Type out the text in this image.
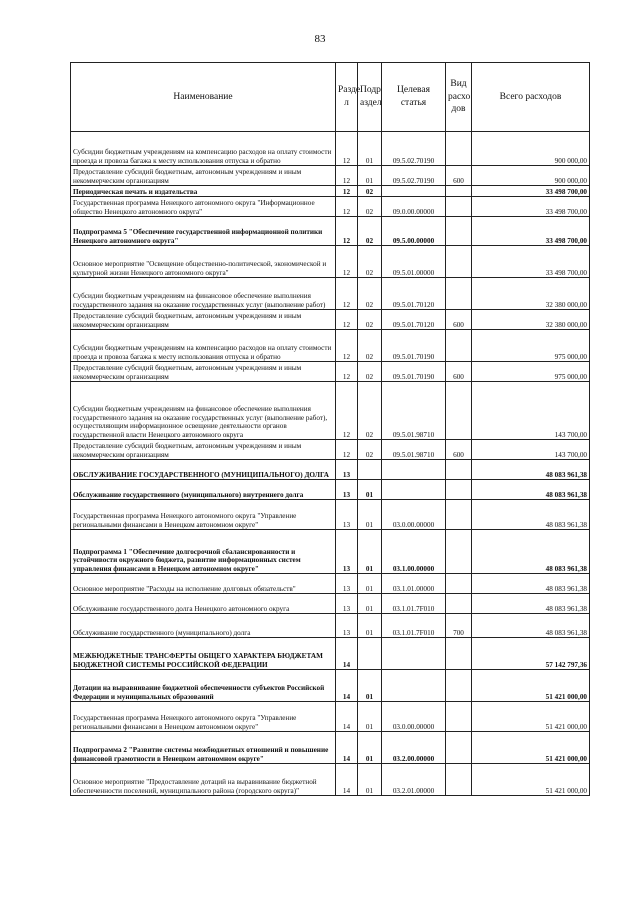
83
Наименование	Разде л	Подр аздел	Целевая статья	Вид расхо дов	Всего расходов
Субсидии бюджетным учреждениям на компенсацию расходов на оплату стоимости проезда и провоза багажа к месту использования отпуска и обратно	12	01	09.5.02.70190		900 000,00
Предоставление субсидий бюджетным, автономным учреждениям и иным некоммерческим организациям	12	01	09.5.02.70190	600	900 000,00
Периодическая печать и издательства	12	02			33 498 700,00
Государственная программа Ненецкого автономного округа "Информационное общество Ненецкого автономного округа"	12	02	09.0.00.00000		33 498 700,00
Подпрограмма 5 "Обеспечение государственной информационной политики Ненецкого автономного округа"	12	02	09.5.00.00000		33 498 700,00
Основное мероприятие "Освещение общественно-политической, экономической и культурной жизни Ненецкого автономного округа"	12	02	09.5.01.00000		33 498 700,00
Субсидии бюджетным учреждениям на финансовое обеспечение выполнения государственного задания на оказание государственных услуг (выполнение работ)	12	02	09.5.01.70120		32 380 000,00
Предоставление субсидий бюджетным, автономным учреждениям и иным некоммерческим организациям	12	02	09.5.01.70120	600	32 380 000,00
Субсидии бюджетным учреждениям на компенсацию расходов на оплату стоимости проезда и провоза багажа к месту использования отпуска и обратно	12	02	09.5.01.70190		975 000,00
Предоставление субсидий бюджетным, автономным учреждениям и иным некоммерческим организациям	12	02	09.5.01.70190	600	975 000,00
Субсидии бюджетным учреждениям на финансовое обеспечение выполнения государственного задания на оказание государственных услуг (выполнение работ), осуществляющим информационное освещение деятельности органов государственной власти Ненецкого автономного округа	12	02	09.5.01.98710		143 700,00
Предоставление субсидий бюджетным, автономным учреждениям и иным некоммерческим организациям	12	02	09.5.01.98710	600	143 700,00
ОБСЛУЖИВАНИЕ ГОСУДАРСТВЕННОГО (МУНИЦИПАЛЬНОГО) ДОЛГА	13				48 083 961,38
Обслуживание государственного (муниципального) внутреннего долга	13	01			48 083 961,38
Государственная программа Ненецкого автономного округа "Управление региональными финансами в Ненецком автономном округе"	13	01	03.0.00.00000		48 083 961,38
Подпрограмма 1 "Обеспечение долгосрочной сбалансированности и устойчивости окружного бюджета, развитие информационных систем управления финансами в Ненецком автономном округе"	13	01	03.1.00.00000		48 083 961,38
Основное мероприятие "Расходы на исполнение долговых обязательств"	13	01	03.1.01.00000		48 083 961,38
Обслуживание государственного долга Ненецкого автономного округа	13	01	03.1.01.7F010		48 083 961,38
Обслуживание государственного (муниципального) долга	13	01	03.1.01.7F010	700	48 083 961,38
МЕЖБЮДЖЕТНЫЕ ТРАНСФЕРТЫ ОБЩЕГО ХАРАКТЕРА БЮДЖЕТАМ БЮДЖЕТНОЙ СИСТЕМЫ РОССИЙСКОЙ ФЕДЕРАЦИИ	14				57 142 797,36
Дотации на выравнивание бюджетной обеспеченности субъектов Российской Федерации и муниципальных образований	14	01			51 421 000,00
Государственная программа Ненецкого автономного округа "Управление региональными финансами в Ненецком автономном округе"	14	01	03.0.00.00000		51 421 000,00
Подпрограмма 2 "Развитие системы межбюджетных отношений и повышение финансовой грамотности в Ненецком автономном округе"	14	01	03.2.00.00000		51 421 000,00
Основное мероприятие "Предоставление дотаций на выравнивание бюджетной обеспеченности поселений, муниципального района (городского округа)"	14	01	03.2.01.00000		51 421 000,00
